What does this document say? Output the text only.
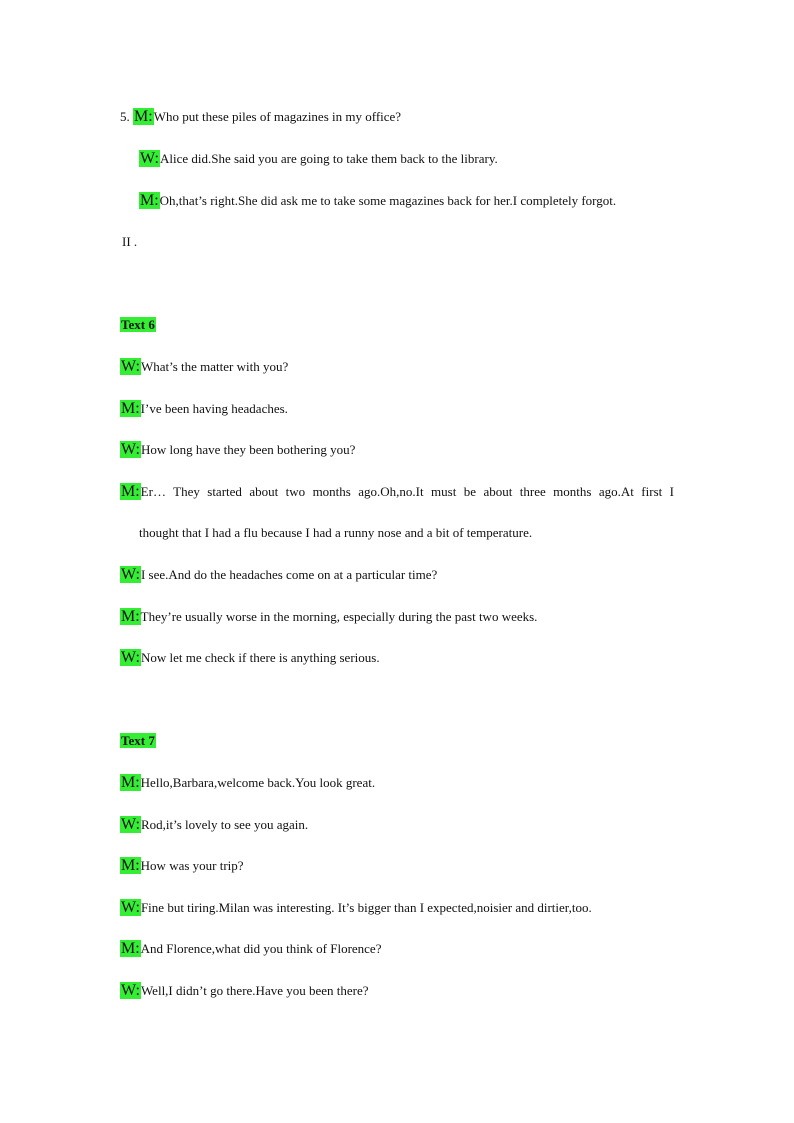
5. M:Who put these piles of magazines in my office?
W:Alice did.She said you are going to take them back to the library.
M:Oh,that’s right.She did ask me to take some magazines back for her.I completely forgot.
II .
Text 6
W:What’s the matter with you?
M:I’ve been having headaches.
W:How long have they been bothering you?
M:Er… They started about two months ago.Oh,no.It must be about three months ago.At first I
thought that I had a flu because I had a runny nose and a bit of temperature.
W:I see.And do the headaches come on at a particular time?
M:They’re usually worse in the morning, especially during the past two weeks.
W:Now let me check if there is anything serious.
Text 7
M:Hello,Barbara,welcome back.You look great.
W:Rod,it’s lovely to see you again.
M:How was your trip?
W:Fine but tiring.Milan was interesting. It’s bigger than I expected,noisier and dirtier,too.
M:And Florence,what did you think of Florence?
W:Well,I didn’t go there.Have you been there?
